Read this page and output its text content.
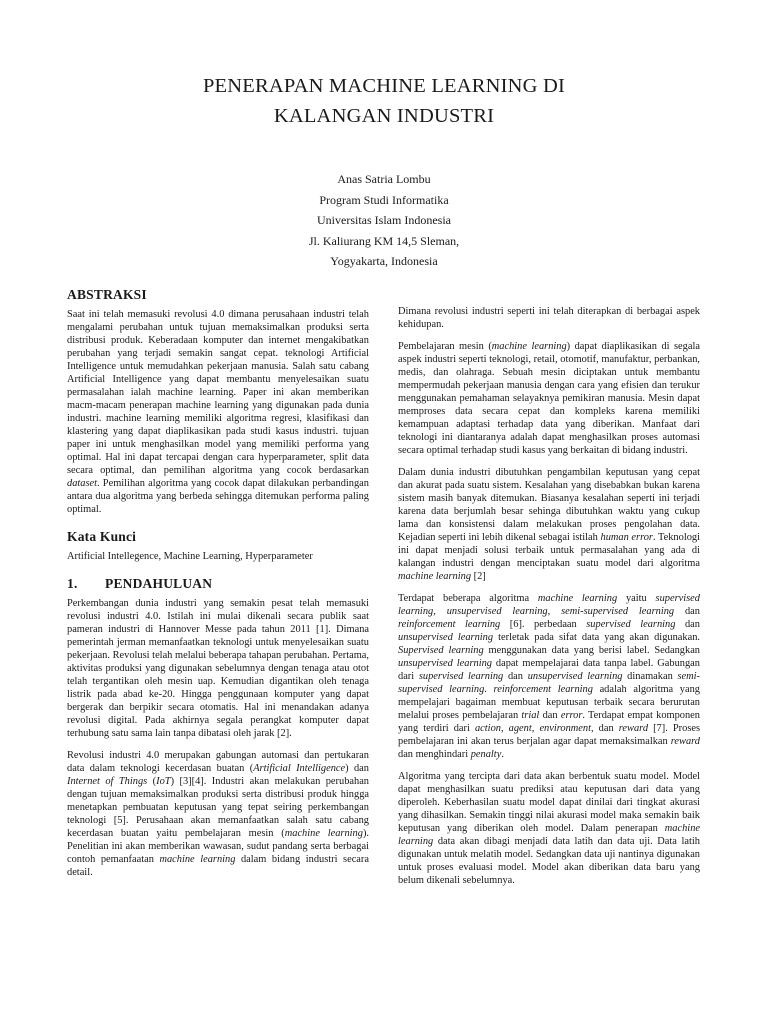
PENERAPAN MACHINE LEARNING DI
KALANGAN INDUSTRI
Anas Satria Lombu
Program Studi Informatika
Universitas Islam Indonesia
Jl. Kaliurang KM 14,5 Sleman,
Yogyakarta, Indonesia
ABSTRAKSI

Saat ini telah memasuki revolusi 4.0 dimana perusahaan industri telah mengalami perubahan untuk tujuan memaksimalkan produksi serta distribusi produk. Keberadaan komputer dan internet mengakibatkan perubahan yang terjadi semakin sangat cepat. teknologi Artificial Intelligence untuk memudahkan pekerjaan manusia. Salah satu cabang Artificial Intelligence yang dapat membantu menyelesaikan suatu permasalahan ialah machine learning. Paper ini akan memberikan macm-macam penerapan machine learning yang digunakan pada dunia industri. machine learning memiliki algoritma regresi, klasifikasi dan klastering yang dapat diaplikasikan pada studi kasus industri. tujuan paper ini untuk menghasilkan model yang memiliki performa yang optimal. Hal ini dapat tercapai dengan cara hyperparameter, split data secara optimal, dan pemilihan algoritma yang cocok berdasarkan dataset. Pemilihan algoritma yang cocok dapat dilakukan perbandingan antara dua algoritma yang berbeda sehingga ditemukan performa paling optimal.

Kata Kunci

Artificial Intellegence, Machine Learning, Hyperparameter

1. PENDAHULUAN

Perkembangan dunia industri yang semakin pesat telah memasuki revolusi industri 4.0. Istilah ini mulai dikenali secara publik saat pameran industri di Hannover Messe pada tahun 2011 [1]. Dimana pemerintah jerman memanfaatkan teknologi untuk menyelesaikan suatu pekerjaan. Revolusi telah melalui beberapa tahapan perubahan. Pertama, aktivitas produksi yang digunakan sebelumnya dengan tenaga atau otot telah tergantikan oleh mesin uap. Kemudian digantikan oleh tenaga listrik pada abad ke-20. Hingga penggunaan komputer yang dapat bergerak dan berpikir secara otomatis. Hal ini menandakan adanya revolusi digital. Pada akhirnya segala perangkat komputer dapat terhubung satu sama lain tanpa dibatasi oleh jarak [2].

Revolusi industri 4.0 merupakan gabungan automasi dan pertukaran data dalam teknologi kecerdasan buatan (Artificial Intelligence) dan Internet of Things (IoT) [3][4]. Industri akan melakukan perubahan dengan tujuan memaksimalkan produksi serta distribusi produk hingga menetapkan pembuatan keputusan yang tepat seiring perkembangan teknologi [5]. Perusahaan akan memanfaatkan salah satu cabang kecerdasan buatan yaitu pembelajaran mesin (machine learning). Penelitian ini akan memberikan wawasan, sudut pandang serta berbagai contoh pemanfaatan machine learning dalam bidang industri secara detail.

Dimana revolusi industri seperti ini telah diterapkan di berbagai aspek kehidupan.

Pembelajaran mesin (machine learning) dapat diaplikasikan di segala aspek industri seperti teknologi, retail, otomotif, manufaktur, perbankan, medis, dan olahraga. Sebuah mesin diciptakan untuk membantu mempermudah pekerjaan manusia dengan cara yang efisien dan terukur menggunakan pemahaman selayaknya pemikiran manusia. Mesin dapat memproses data secara cepat dan kompleks karena memiliki kemampuan adaptasi terhadap data yang diberikan. Manfaat dari teknologi ini diantaranya adalah dapat menghasilkan proses automasi secara optimal terhadap studi kasus yang berkaitan di bidang industri.

Dalam dunia industri dibutuhkan pengambilan keputusan yang cepat dan akurat pada suatu sistem. Kesalahan yang disebabkan bukan karena sistem masih banyak ditemukan. Biasanya kesalahan seperti ini terjadi karena data berjumlah besar sehinga dibutuhkan waktu yang cukup lama dan konsistensi dalam melakukan proses pengolahan data. Kejadian seperti ini lebih dikenal sebagai istilah human error. Teknologi ini dapat menjadi solusi terbaik untuk permasalahan yang ada di kalangan industri dengan menciptakan suatu model dari algoritma machine learning [2]

Terdapat beberapa algoritma machine learning yaitu supervised learning, unsupervised learning, semi-supervised learning dan reinforcement learning [6]. perbedaan supervised learning dan unsupervised learning terletak pada sifat data yang akan digunakan. Supervised learning menggunakan data yang berisi label. Sedangkan unsupervised learning dapat mempelajarai data tanpa label. Gabungan dari supervised learning dan unsupervised learning dinamakan semi-supervised learning. reinforcement learning adalah algoritma yang mempelajari bagaiman membuat keputusan terbaik secara berurutan melalui proses pembelajaran trial dan error. Terdapat empat komponen yang terdiri dari action, agent, environment, dan reward [7]. Proses pembelajaran ini akan terus berjalan agar dapat memaksimalkan reward dan menghindari penalty.

Algoritma yang tercipta dari data akan berbentuk suatu model. Model dapat menghasilkan suatu prediksi atau keputusan dari data yang diperoleh. Keberhasilan suatu model dapat dinilai dari tingkat akurasi yang dihasilkan. Semakin tinggi nilai akurasi model maka semakin baik keputusan yang diberikan oleh model. Dalam penerapan machine learning data akan dibagi menjadi data latih dan data uji. Data latih digunakan untuk melatih model. Sedangkan data uji nantinya digunakan untuk proses evaluasi model. Model akan diberikan data baru yang belum dikenali sebelumnya.
